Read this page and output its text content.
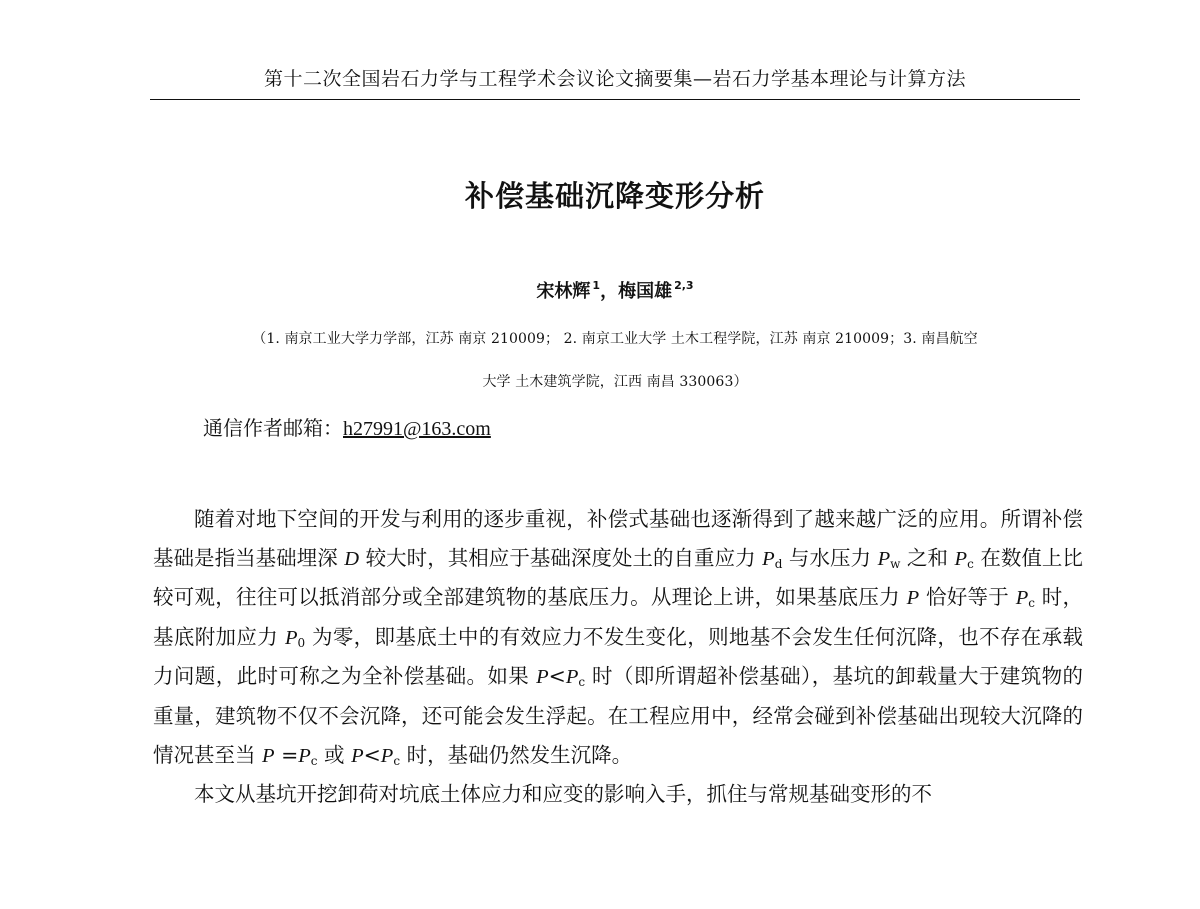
第十二次全国岩石力学与工程学术会议论文摘要集—岩石力学基本理论与计算方法
补偿基础沉降变形分析
宋林辉 $^1$，梅国雄 $^{2,3}$
（1. 南京工业大学力学部，江苏 南京 210009； 2. 南京工业大学 土木工程学院，江苏 南京 210009；3. 南昌航空
大学 土木建筑学院，江西 南昌 330063）
通信作者邮箱：h27991@163.com

随着对地下空间的开发与利用的逐步重视，补偿式基础也逐渐得到了越来越广泛的应用。所谓补偿基础是指当基础埋深 D 较大时，其相应于基础深度处土的自重应力 $P_d$ 与水压力 $P_w$ 之和 $P_c$ 在数值上比较可观，往往可以抵消部分或全部建筑物的基底压力。从理论上讲，如果基底压力 P 恰好等于 $P_c$ 时，基底附加应力 $P_0$ 为零，即基底土中的有效应力不发生变化，则地基不会发生任何沉降，也不存在承载力问题，此时可称之为全补偿基础。如果 $P<P_c$ 时（即所谓超补偿基础），基坑的卸载量大于建筑物的重量，建筑物不仅不会沉降，还可能会发生浮起。在工程应用中，经常会碰到补偿基础出现较大沉降的情况甚至当 $P =P_c$ 或 $P<P_c$ 时，基础仍然发生沉降。

本文从基坑开挖卸荷对坑底土体应力和应变的影响入手，抓住与常规基础变形的不
